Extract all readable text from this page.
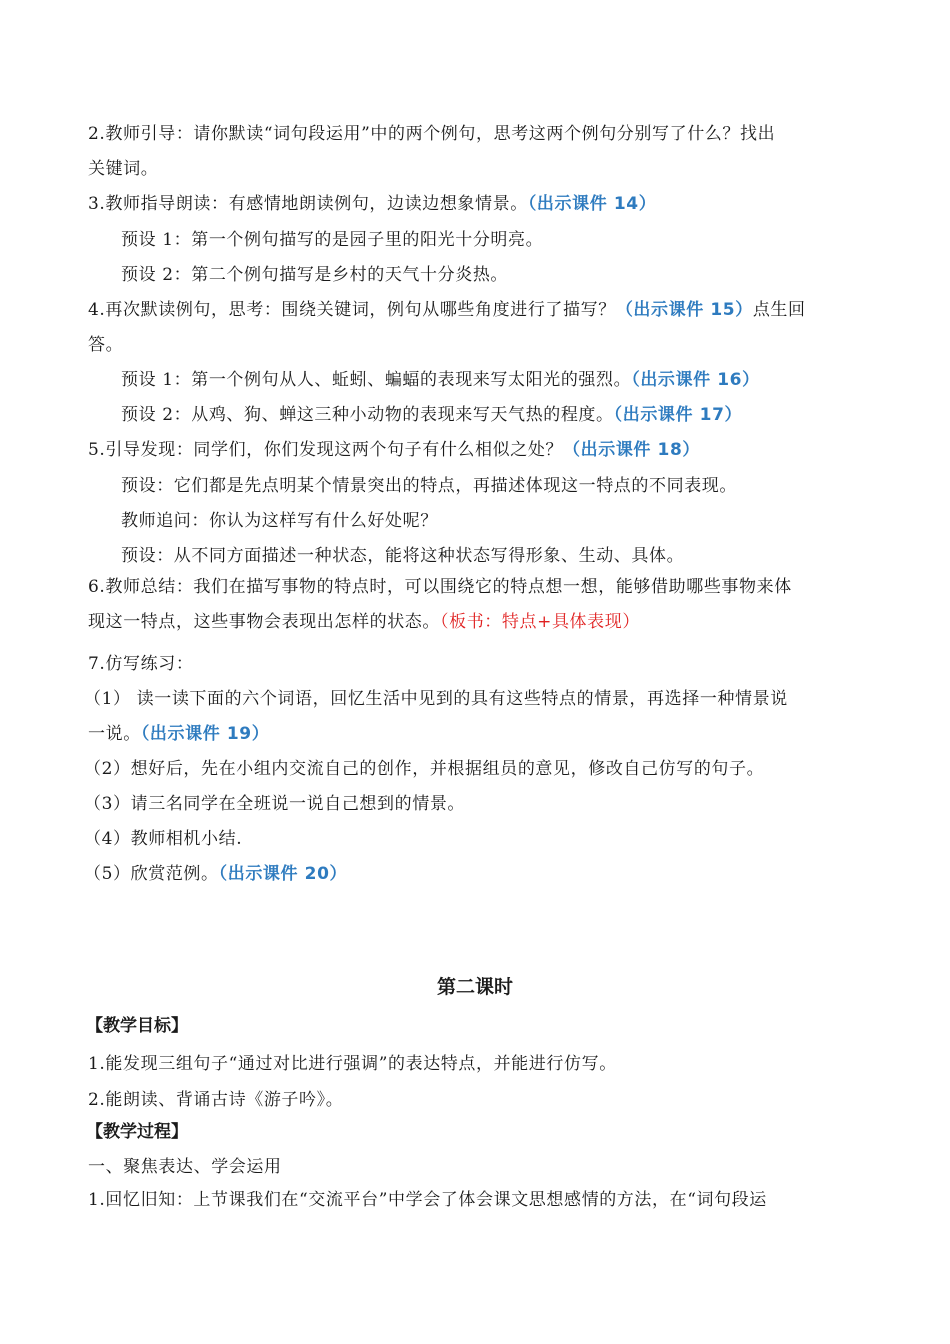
2.教师引导：请你默读“词句段运用”中的两个例句，思考这两个例句分别写了什么？找出
关键词。
3.教师指导朗读：有感情地朗读例句，边读边想象情景。（出示课件 14）
预设 1：第一个例句描写的是园子里的阳光十分明亮。
预设 2：第二个例句描写是乡村的天气十分炎热。
4.再次默读例句，思考：围绕关键词，例句从哪些角度进行了描写？（出示课件 15）点生回
答。
预设 1：第一个例句从人、蚯蚓、蝙蝠的表现来写太阳光的强烈。（出示课件 16）
预设 2：从鸡、狗、蝉这三种小动物的表现来写天气热的程度。（出示课件 17）
5.引导发现：同学们，你们发现这两个句子有什么相似之处？（出示课件 18）
预设：它们都是先点明某个情景突出的特点，再描述体现这一特点的不同表现。
教师追问：你认为这样写有什么好处呢？
预设：从不同方面描述一种状态，能将这种状态写得形象、生动、具体。
6.教师总结：我们在描写事物的特点时，可以围绕它的特点想一想，能够借助哪些事物来体
现这一特点，这些事物会表现出怎样的状态。（板书：特点+具体表现）
7.仿写练习：
（1） 读一读下面的六个词语，回忆生活中见到的具有这些特点的情景，再选择一种情景说
一说。（出示课件 19）
（2）想好后，先在小组内交流自己的创作，并根据组员的意见，修改自己仿写的句子。
（3）请三名同学在全班说一说自己想到的情景。
（4）教师相机小结.
（5）欣赏范例。（出示课件 20）
第二课时
【教学目标】
1.能发现三组句子“通过对比进行强调”的表达特点，并能进行仿写。
2.能朗读、背诵古诗《游子吟》。
【教学过程】
一、聚焦表达、学会运用
1.回忆旧知：上节课我们在“交流平台”中学会了体会课文思想感情的方法，在“词句段运
